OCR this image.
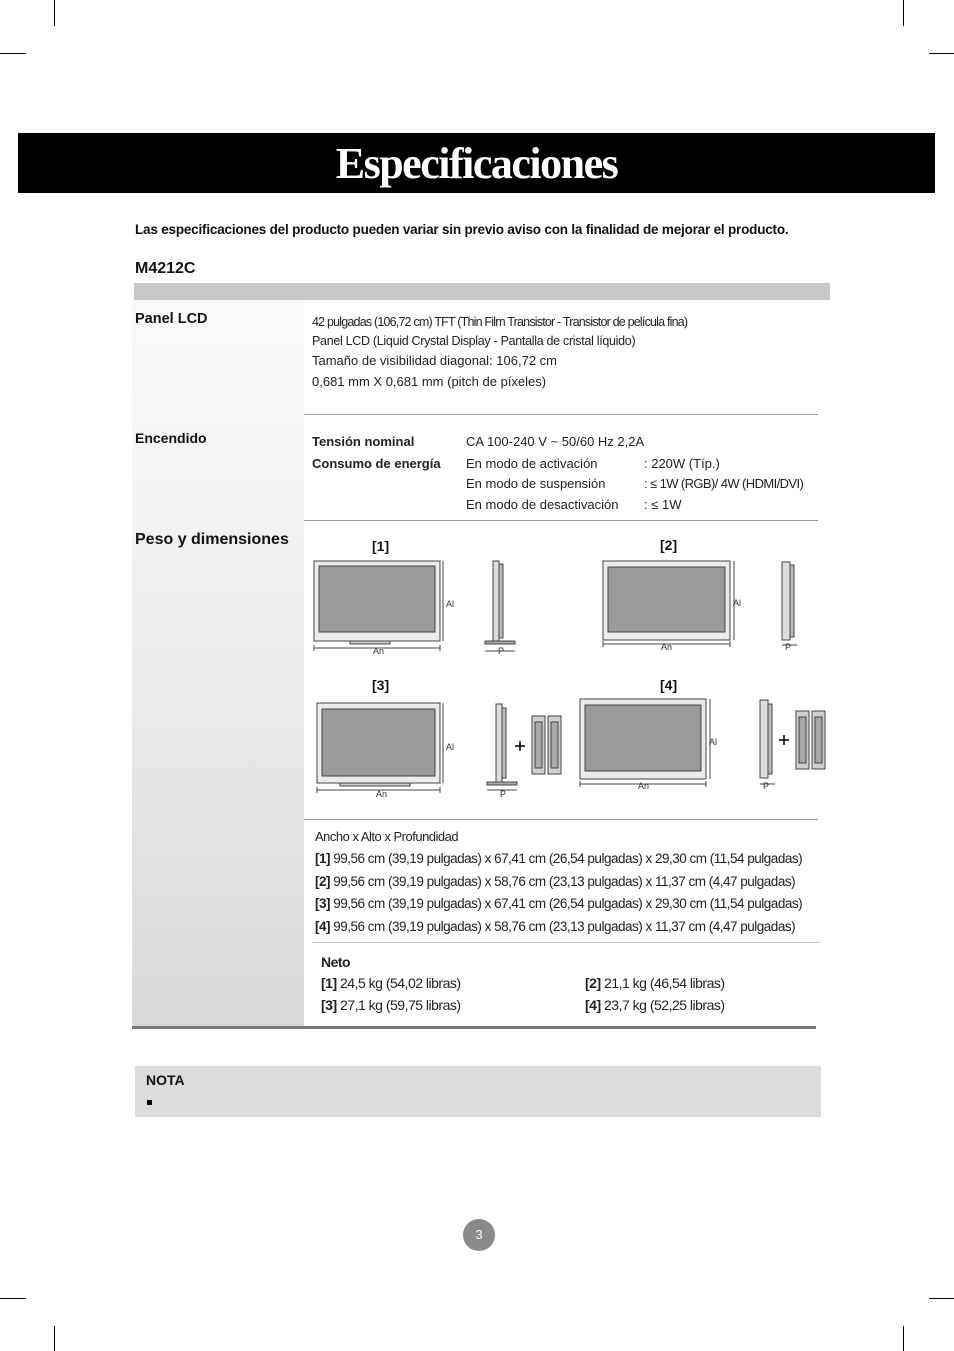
Especificaciones
Las especificaciones del producto pueden variar sin previo aviso con la finalidad de mejorar el producto.
M4212C
Panel LCD	42 pulgadas (106,72 cm) TFT (Thin Film Transistor - Transistor de película fina)
Panel LCD (Liquid Crystal Display - Pantalla de cristal líquido)
Tamaño de visibilidad diagonal: 106,72 cm
0,681 mm X 0,681 mm (pitch de píxeles)
Encendido	Tensión nominal	CA 100-240 V ~ 50/60 Hz 2,2A
Consumo de energía En modo de activación	: 220W (Típ.)
En modo de suspensión	: ≤ 1W (RGB)/ 4W (HDMI/DVI)
En modo de desactivación : ≤ 1W
Peso y dimensiones	[1]	[2]
[3]	[4]
An
Al
P	An
Al
P
An
Al
P
An
Al
P
Ancho x Alto x Profundidad
[1] 99,56 cm (39,19 pulgadas) x 67,41 cm (26,54 pulgadas) x 29,30 cm (11,54 pulgadas)
[2] 99,56 cm (39,19 pulgadas) x 58,76 cm (23,13 pulgadas) x 11,37 cm (4,47 pulgadas)
[3] 99,56 cm (39,19 pulgadas) x 67,41 cm (26,54 pulgadas) x 29,30 cm (11,54 pulgadas)
[4] 99,56 cm (39,19 pulgadas) x 58,76 cm (23,13 pulgadas) x 11,37 cm (4,47 pulgadas)
Neto
[1] 24,5 kg (54,02 libras)	[2] 21,1 kg (46,54 libras)
[3] 27,1 kg (59,75 libras)	[4] 23,7 kg (52,25 libras)
NOTA
3
